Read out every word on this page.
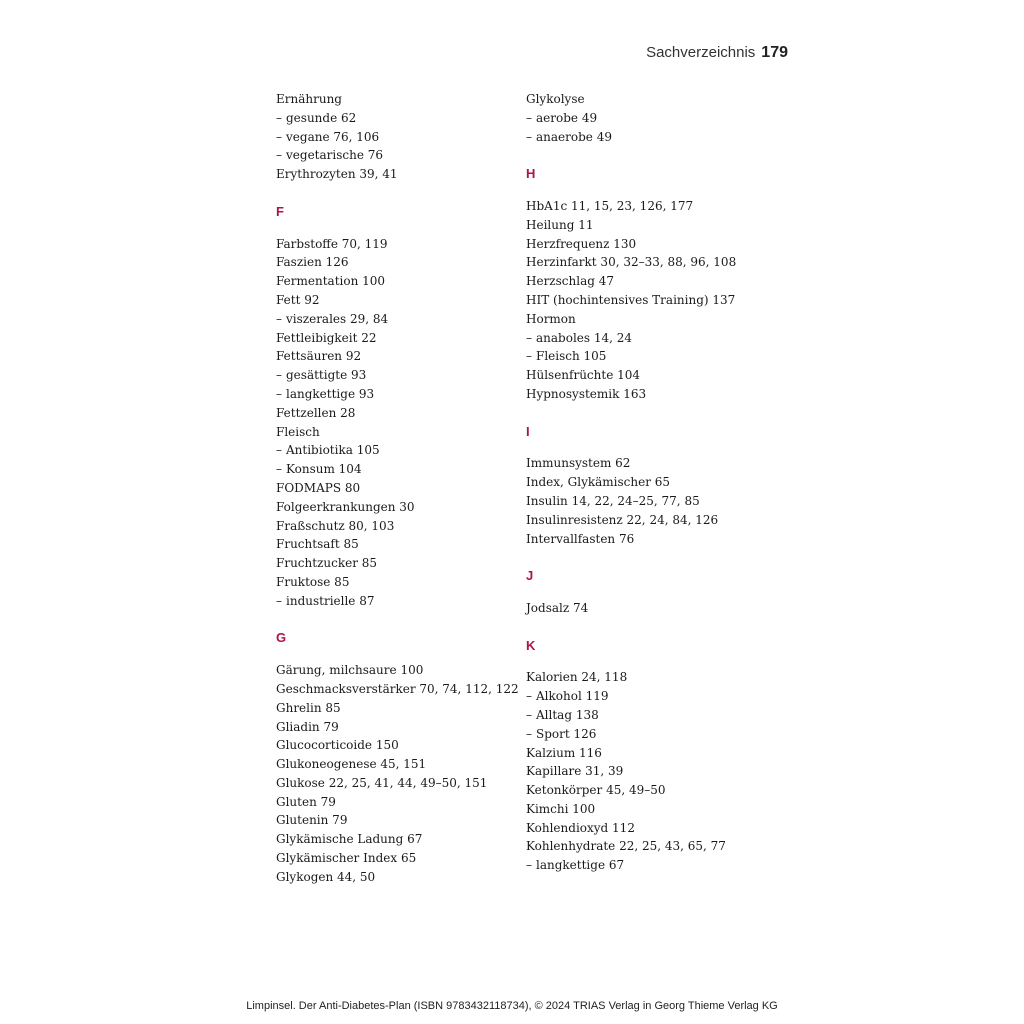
Sachverzeichnis 179
Ernährung
– gesunde 62
– vegane 76, 106
– vegetarische 76
Erythrozyten 39, 41
F
Farbstoffe 70, 119
Faszien 126
Fermentation 100
Fett 92
– viszerales 29, 84
Fettleibigkeit 22
Fettsäuren 92
– gesättigte 93
– langkettige 93
Fettzellen 28
Fleisch
– Antibiotika 105
– Konsum 104
FODMAPS 80
Folgeerkrankungen 30
Fraßschutz 80, 103
Fruchtsaft 85
Fruchtzucker 85
Fruktose 85
– industrielle 87
G
Gärung, milchsaure 100
Geschmacksverstärker 70, 74, 112, 122
Ghrelin 85
Gliadin 79
Glucocorticoide 150
Glukoneogenese 45, 151
Glukose 22, 25, 41, 44, 49–50, 151
Gluten 79
Glutenin 79
Glykämische Ladung 67
Glykämischer Index 65
Glykogen 44, 50
Glykolyse
– aerobe 49
– anaerobe 49
H
HbA1c 11, 15, 23, 126, 177
Heilung 11
Herzfrequenz 130
Herzinfarkt 30, 32–33, 88, 96, 108
Herzschlag 47
HIT (hochintensives Training) 137
Hormon
– anaboles 14, 24
– Fleisch 105
Hülsenfrüchte 104
Hypnosystemik 163
I
Immunsystem 62
Index, Glykämischer 65
Insulin 14, 22, 24–25, 77, 85
Insulinresistenz 22, 24, 84, 126
Intervallfasten 76
J
Jodsalz 74
K
Kalorien 24, 118
– Alkohol 119
– Alltag 138
– Sport 126
Kalzium 116
Kapillare 31, 39
Ketonkörper 45, 49–50
Kimchi 100
Kohlendioxyd 112
Kohlenhydrate 22, 25, 43, 65, 77
– langkettige 67
Limpinsel. Der Anti-Diabetes-Plan (ISBN 9783432118734), © 2024 TRIAS Verlag in Georg Thieme Verlag KG
